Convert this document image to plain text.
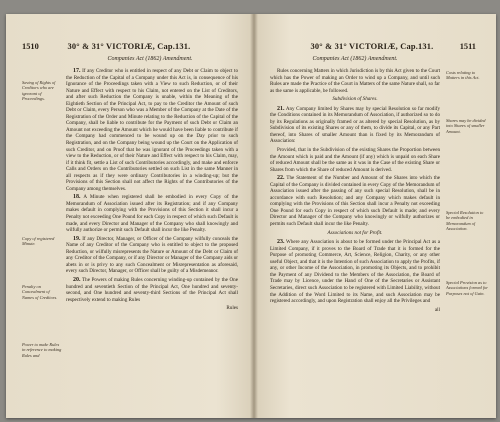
1510	30° & 31° VICTORIÆ, Cap.131.
Companies Act (1862) Amendment.
Saving of Rights of Creditors who are ignorant of Proceedings.
Copy of registered Minute.
Penalty on Concealment of Names of Creditors.
Power to make Rules in reference to making Rules and

17. If any Creditor who is entitled in respect of any Debt or Claim to object to the Reduction of the Capital of a Company under this Act is, in consequence of his Ignorance of the Proceedings taken with a View to such Reduction, or of their Nature and Effect with respect to his Claim, not entered on the List of Creditors, and after such Reduction the Company is unable, within the Meaning of the Eightieth Section of the Principal Act, to pay to the Creditor the Amount of such Debt or Claim, every Person who was a Member of the Company at the Date of the Registration of the Order and Minute relating to the Reduction of the Capital of the Company, shall be liable to contribute for the Payment of such Debt or Claim an Amount not exceeding the Amount which he would have been liable to contribute if the Company had commenced to be wound up on the Day prior to such Registration, and on the Company being wound up the Court on the Application of such Creditor, and on Proof that he was ignorant of the Proceedings taken with a view to the Reduction, or of their Nature and Effect with respect to his Claim, may, if it think fit, settle a List of such Contributories accordingly, and make and enforce Calls and Orders on the Contributories settled on such List in the same Manner in all respects as if they were ordinary Contributories in a winding-up; but the Provisions of this Section shall not affect the Rights of the Contributories of the Company among themselves.

18. A Minute when registered shall be embodied in every Copy of the Memorandum of Association issued after its Registration; and if any Company makes default in complying with the Provisions of this Section it shall incur a Penalty not exceeding One Pound for each Copy in respect of which such Default is made, and every Director and Manager of the Company who shall knowingly and wilfully authorize or permit such Default shall incur the like Penalty.

19. If any Director, Manager, or Officer of the Company wilfully conceals the Name of any Creditor of the Company who is entitled to object to the proposed Reduction, or wilfully misrepresents the Nature or Amount of the Debt or Claim of any Creditor of the Company, or if any Director or Manager of the Company aids or abets in or is privy to any such Concealment or Misrepresentation as aforesaid, every such Director, Manager, or Officer shall be guilty of a Misdemeanor.

20. The Powers of making Rules concerning winding-up contained by the One hundred and seventieth Section of the Principal Act, One hundred and seventy-second, and One hundred and seventy-third Sections of the Principal Act shall respectively extend to making Rules

Rules

30° & 31° VICTORIÆ, Cap.131.	1511
Companies Act (1862) Amendment.
Costs relating to Matters in this Act.
Shares may be divided into Shares of smaller Amount.
Special Resolution to be embodied in Memorandum of Association.
Special Provision as to Associations formed for Purposes not of Gain.

Rules concerning Matters in which Jurisdiction is by this Act given to the Court which has the Power of making an Order to wind up a Company, and until such Rules are made the Practice of the Court in Matters of the same Nature shall, so far as the same is applicable, be followed.

Subdivision of Shares.

21. Any Company limited by Shares may by special Resolution so far modify the Conditions contained in its Memorandum of Association, if authorized so to do by its Regulations as originally framed or as altered by special Resolution, as by Subdivision of its existing Shares or any of them, to divide its Capital, or any Part thereof, into Shares of smaller Amount than is fixed by its Memorandum of Association:

Provided, that in the Subdivision of the existing Shares the Proportion between the Amount which is paid and the Amount (if any) which is unpaid on each Share of reduced Amount shall be the same as it was in the Case of the existing Share or Shares from which the Share of reduced Amount is derived.

22. The Statement of the Number and Amount of the Shares into which the Capital of the Company is divided contained in every Copy of the Memorandum of Association issued after the passing of any such special Resolution, shall be in accordance with such Resolution; and any Company which makes default in complying with the Provisions of this Section shall incur a Penalty not exceeding One Pound for each Copy in respect of which such Default is made; and every Director and Manager of the Company who knowingly or wilfully authorizes or permits such Default shall incur the like Penalty.

Associations not for Profit.

23. Where any Association is about to be formed under the Principal Act as a Limited Company, if it proves to the Board of Trade that it is formed for the Purpose of promoting Commerce, Art, Science, Religion, Charity, or any other useful Object, and that it is the Intention of such Association to apply the Profits, if any, or other Income of the Association, in promoting its Objects, and to prohibit the Payment of any Dividend to the Members of the Association, the Board of Trade may by Licence, under the Hand of One of the Secretaries or Assistant Secretaries, direct such Association to be registered with Limited Liability, without the Addition of the Word Limited to its Name, and such Association may be registered accordingly, and upon Registration shall enjoy all the Privileges and

all
